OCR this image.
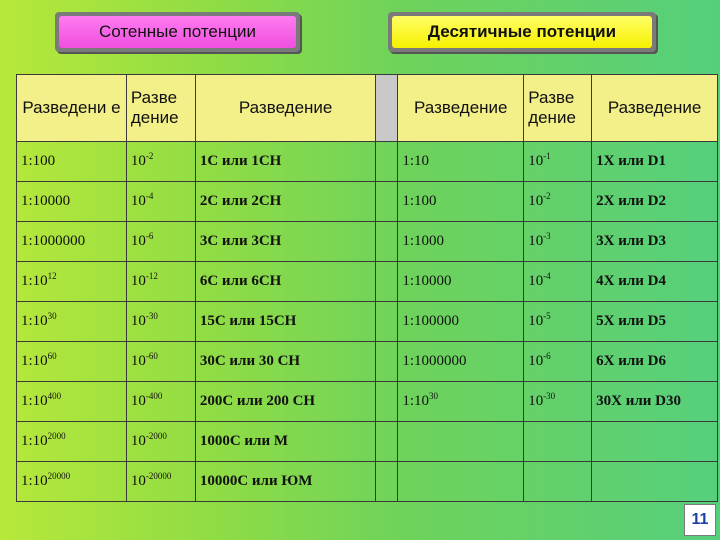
Сотенные потенции	Десятичные потенции
Разведени е	Разве дение	Разведение		Разведение	Разве дение	Разведение
1:100	$10^{-2}$	1С или 1СН		1:10	$10^{-1}$	1X или D1
1:10000	$10^{-4}$	2С или 2СН		1:100	$10^{-2}$	2X или D2
1:1000000	$10^{-6}$	3С или 3СН		1:1000	$10^{-3}$	3X или D3
$1:10^{12}$	$10^{-12}$	6С или 6СН		1:10000	$10^{-4}$	4X или D4
$1:10^{30}$	$10^{-30}$	15С или 15СН		1:100000	$10^{-5}$	5X или D5
$1:10^{60}$	$10^{-60}$	30С или 30 СН		1:1000000	$10^{-6}$	6X или D6
$1:10^{400}$	$10^{-400}$	200С или 200 СН		$1:10^{30}$	$10^{-30}$	30X или D30
$1:10^{2000}$	$10^{-2000}$	1000С или М				
$1:10^{20000}$	$10^{-20000}$	10000С или ЮМ				
11
